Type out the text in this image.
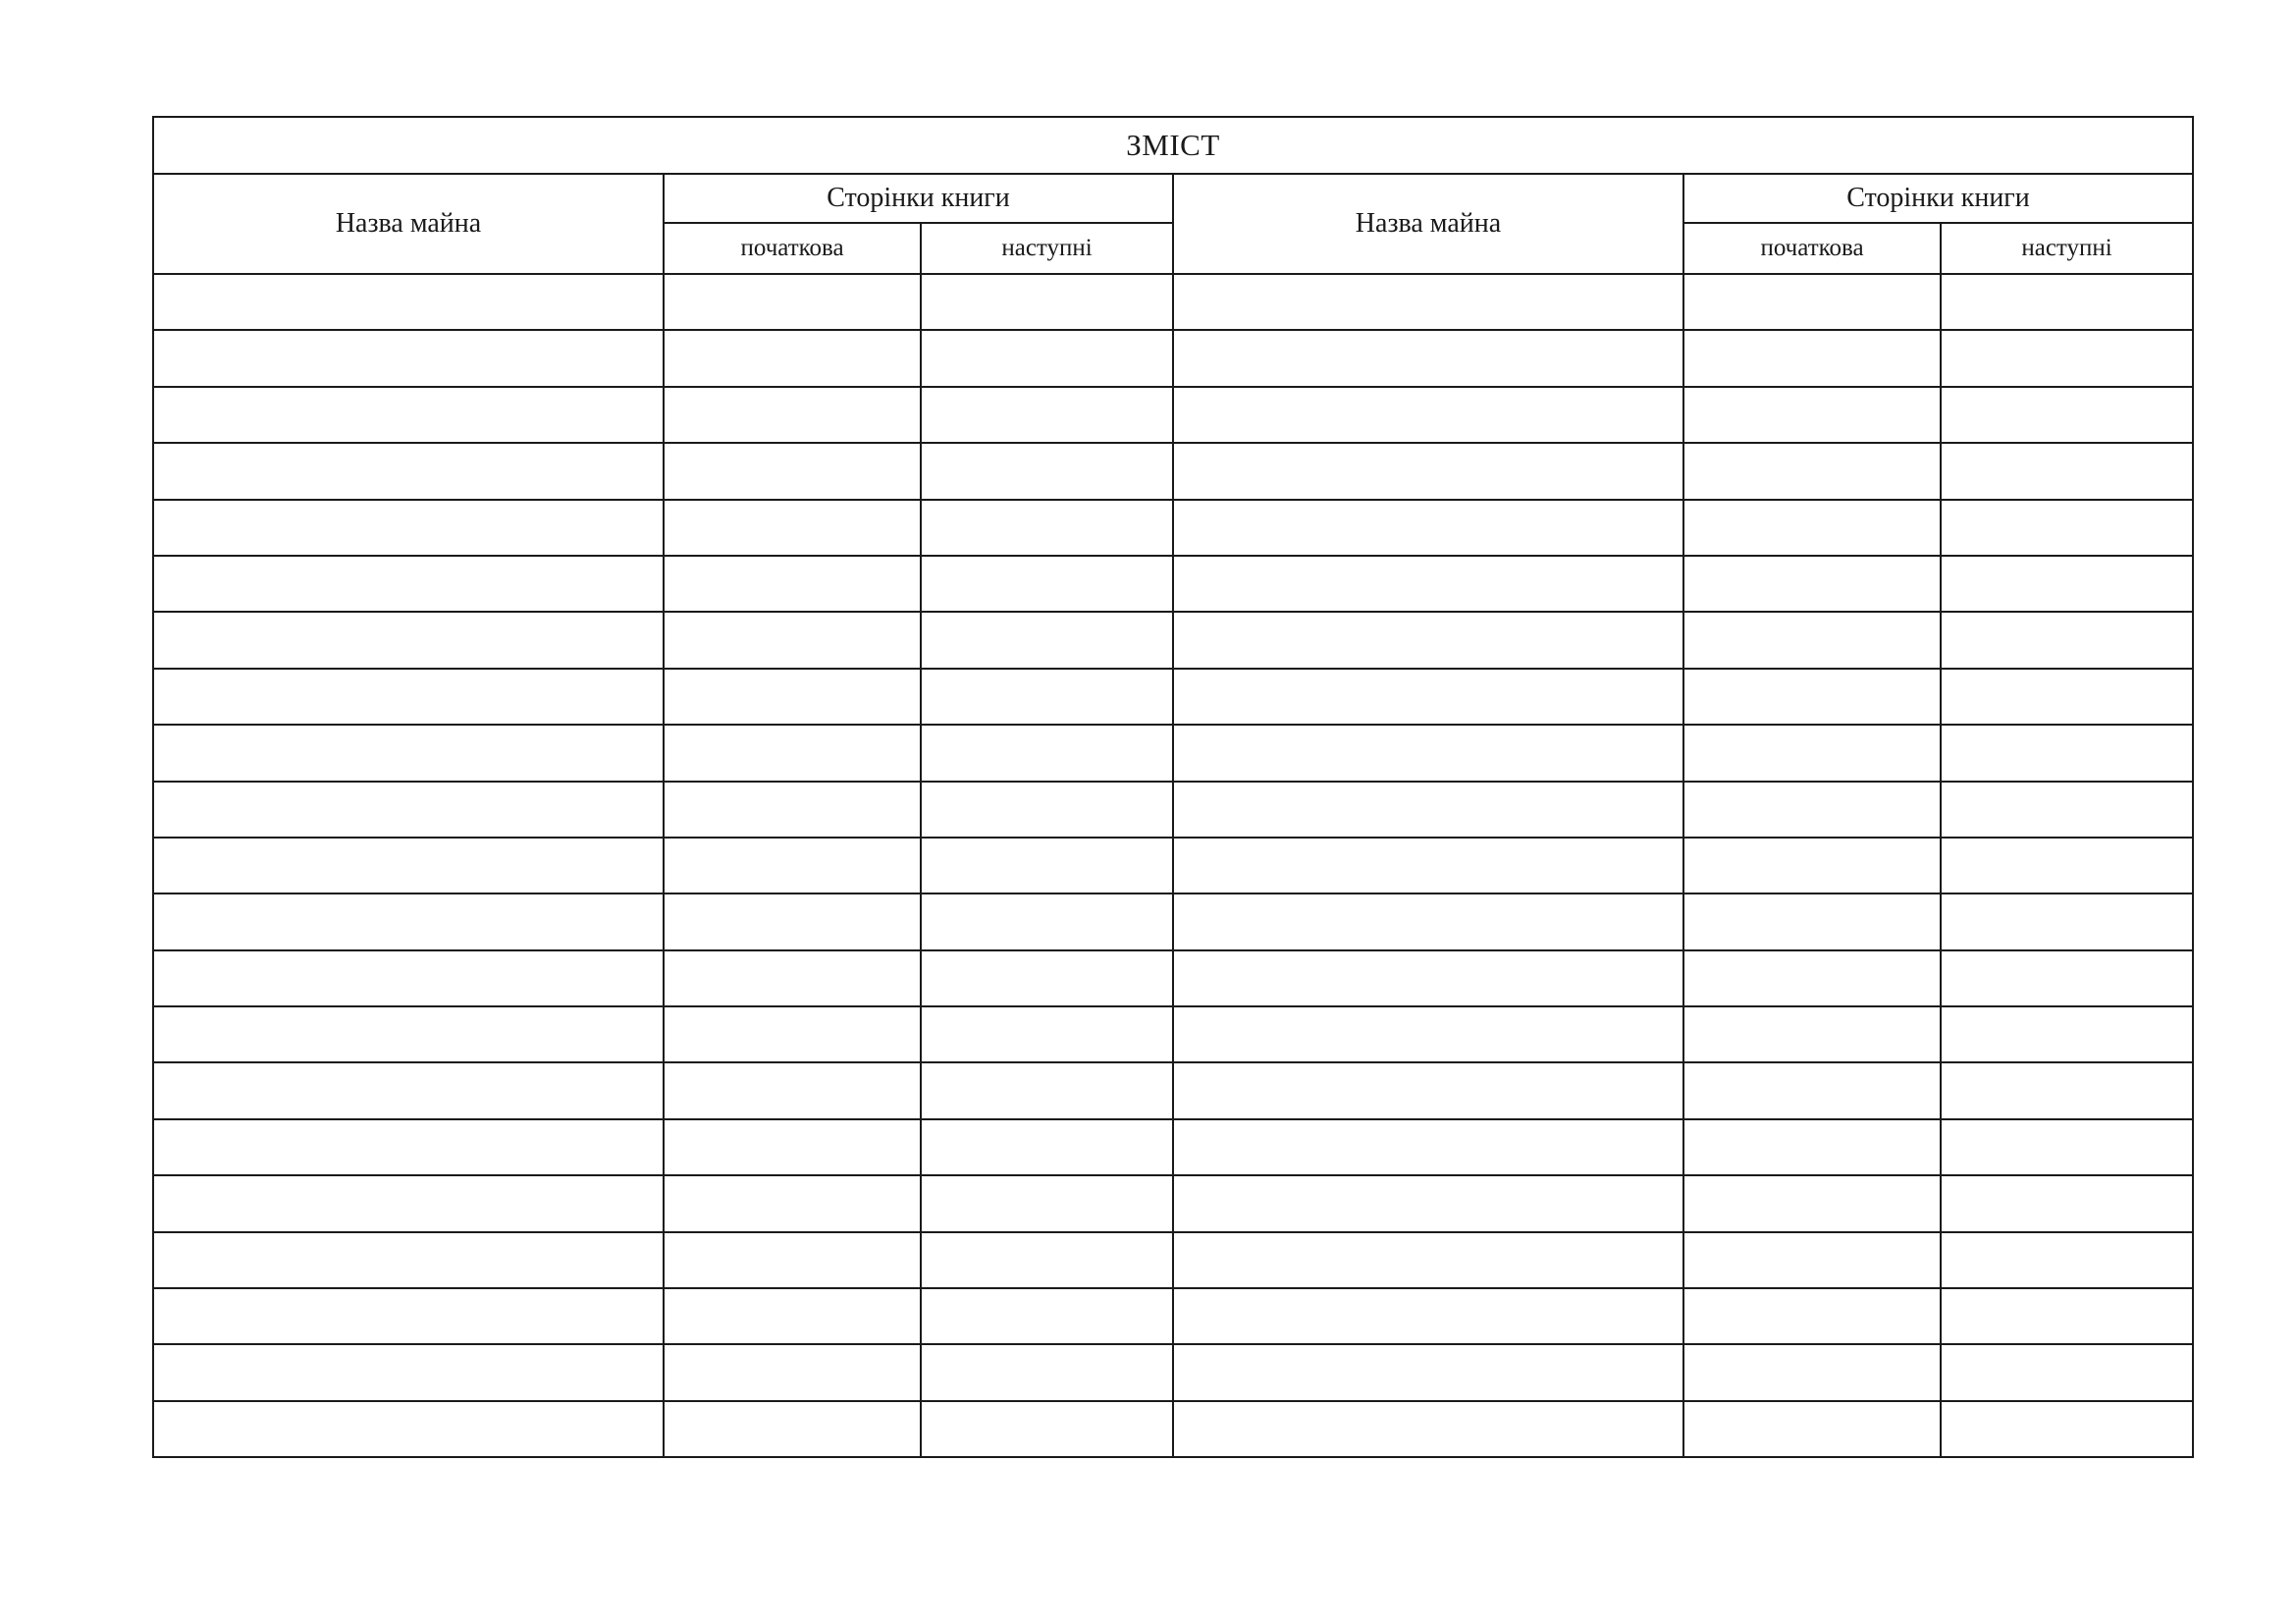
ЗМІСТ					
Назва майна	Сторінки книги		Назва майна	Сторінки книги	
	початкова	наступні		початкова	наступні
